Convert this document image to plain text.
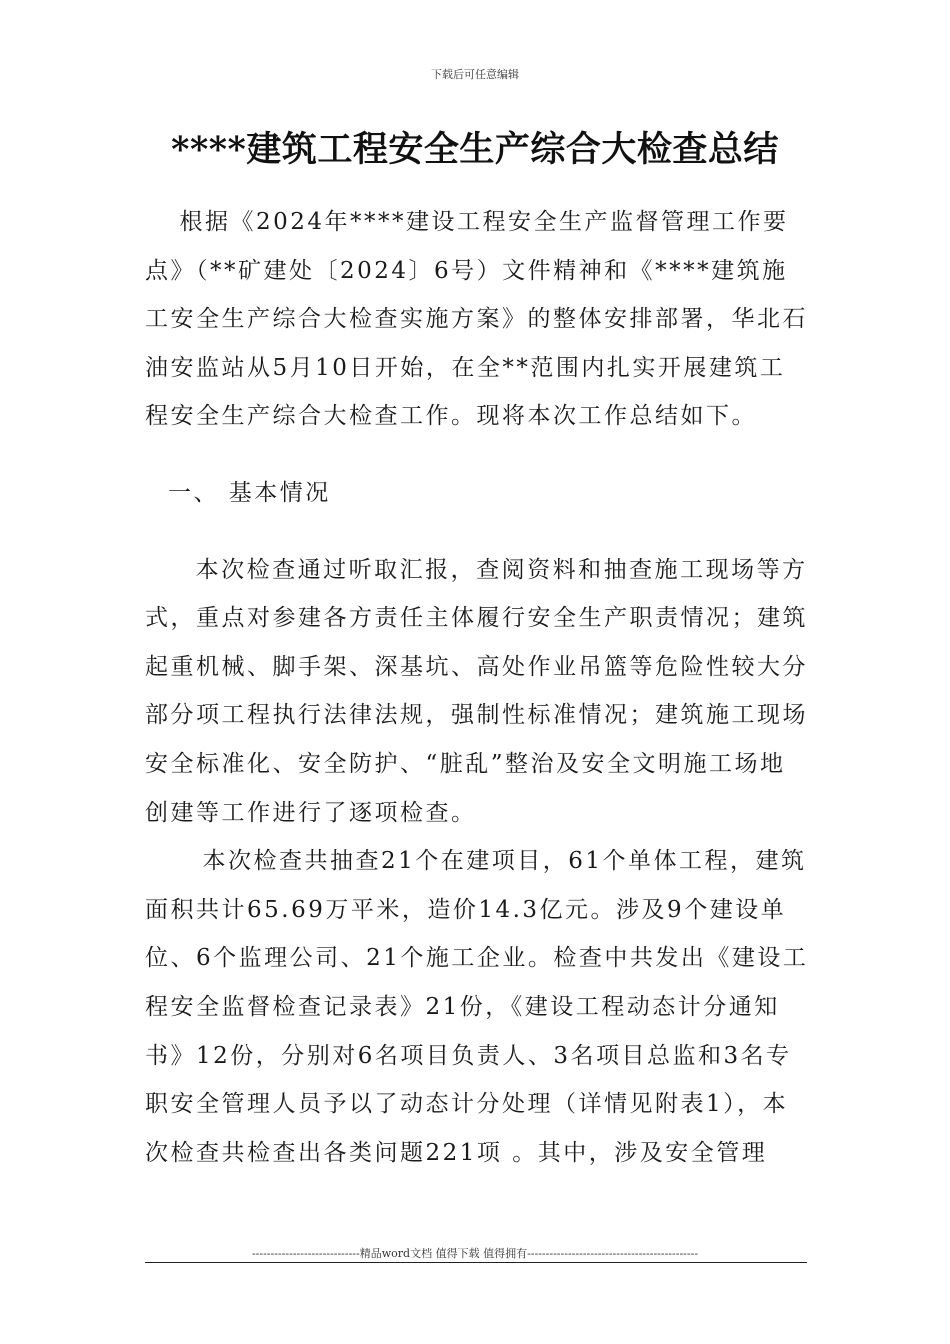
下载后可任意编辑
****建筑工程安全生产综合大检查总结

根据《2024年****建设工程安全生产监督管理工作要点》（**矿建处〔2024〕6号）文件精神和《****建筑施工安全生产综合大检查实施方案》的整体安排部署，华北石油安监站从5月10日开始，在全**范围内扎实开展建筑工程安全生产综合大检查工作。现将本次工作总结如下。

一、 基本情况

本次检查通过听取汇报，查阅资料和抽查施工现场等方式，重点对参建各方责任主体履行安全生产职责情况；建筑起重机械、脚手架、深基坑、高处作业吊篮等危险性较大分部分项工程执行法律法规，强制性标准情况；建筑施工现场安全标准化、安全防护、“脏乱”整治及安全文明施工场地创建等工作进行了逐项检查。

本次检查共抽查21个在建项目，61个单体工程，建筑面积共计65.69万平米，造价14.3亿元。涉及9个建设单位、6个监理公司、21个施工企业。检查中共发出《建设工程安全监督检查记录表》21份，《建设工程动态计分通知书》12份，分别对6名项目负责人、3名项目总监和3名专职安全管理人员予以了动态计分处理（详情见附表1），本次检查共检查出各类问题221项 。其中，涉及安全管理

-----------------------------精品word文档 值得下载 值得拥有----------------------------------------------
